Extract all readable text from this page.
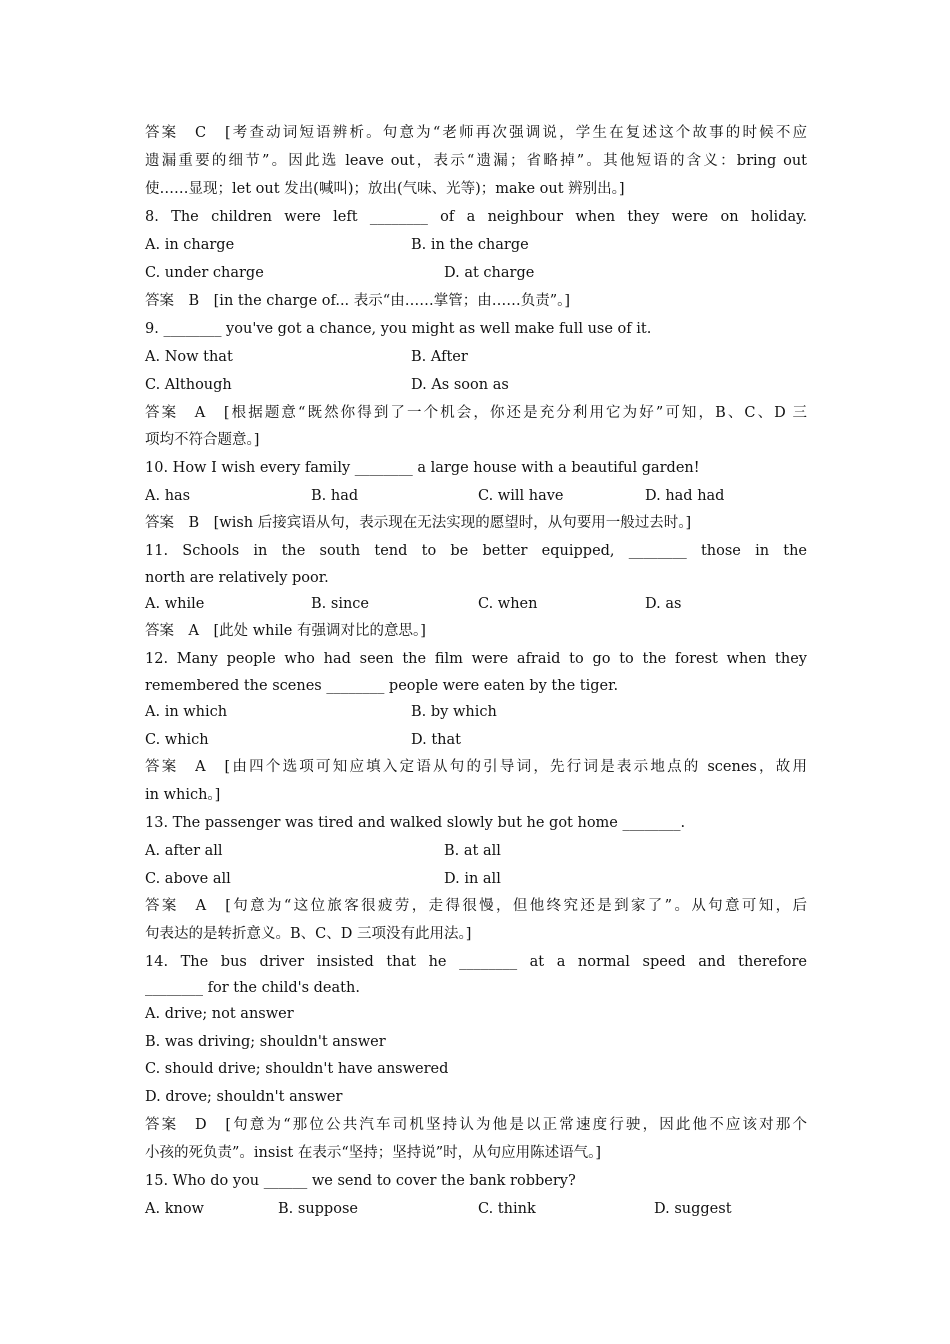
答案　C　[考查动词短语辨析。句意为“老师再次强调说，学生在复述这个故事的时候不应
遗漏重要的细节”。因此选 leave out，表示“遗漏；省略掉”。其他短语的含义：bring out
使……显现；let out 发出(喊叫)；放出(气味、光等)；make out 辨别出。]
8. The children were left ________ of a neighbour when they were on holiday.
A. in charge	B. in the charge
C. under charge	D. at charge
答案　B　[in the charge of... 表示“由……掌管；由……负责”。]
9. ________ you've got a chance, you might as well make full use of it.
A. Now that	B. After
C. Although	D. As soon as
答案　A　[根据题意“既然你得到了一个机会，你还是充分利用它为好”可知，B、C、D 三
项均不符合题意。]
10. How I wish every family ________ a large house with a beautiful garden!
A. has	B. had	C. will have	D. had had
答案　B　[wish 后接宾语从句，表示现在无法实现的愿望时，从句要用一般过去时。]
11. Schools in the south tend to be better equipped, ________ those in the
north are relatively poor.
A. while	B. since	C. when	D. as
答案　A　[此处 while 有强调对比的意思。]
12. Many people who had seen the film were afraid to go to the forest when they
remembered the scenes ________ people were eaten by the tiger.
A. in which	B. by which
C. which	D. that
答案　A　[由四个选项可知应填入定语从句的引导词，先行词是表示地点的 scenes，故用
in which。]
13. The passenger was tired and walked slowly but he got home ________.
A. after all	B. at all
C. above all	D. in all
答案　A　[句意为“这位旅客很疲劳，走得很慢，但他终究还是到家了”。从句意可知，后
句表达的是转折意义。B、C、D 三项没有此用法。]
14. The bus driver insisted that he ________ at a normal speed and therefore
________ for the child's death.
A. drive; not answer
B. was driving; shouldn't answer
C. should drive; shouldn't have answered
D. drove; shouldn't answer
答案　D　[句意为“那位公共汽车司机坚持认为他是以正常速度行驶，因此他不应该对那个
小孩的死负责”。insist 在表示“坚持；坚持说”时，从句应用陈述语气。]
15. Who do you ______ we send to cover the bank robbery?
A. know	B. suppose	C. think	D. suggest
